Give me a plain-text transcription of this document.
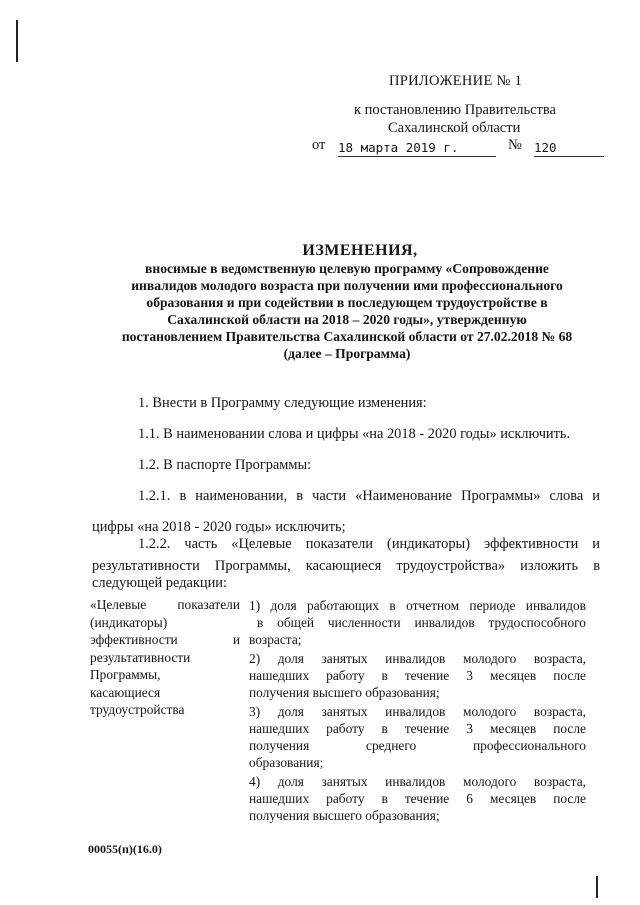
ПРИЛОЖЕНИЕ № 1
к постановлению Правительства
Сахалинской области
от 18 марта 2019 г.	№ 120
ИЗМЕНЕНИЯ,
вносимые в ведомственную целевую программу «Сопровождение
инвалидов молодого возраста при получении ими профессионального
образования и при содействии в последующем трудоустройстве в
Сахалинской области на 2018 – 2020 годы», утвержденную
постановлением Правительства Сахалинской области от 27.02.2018 № 68
(далее – Программа)
1. Внести в Программу следующие изменения:
1.1. В наименовании слова и цифры «на 2018 - 2020 годы» исключить.
1.2. В паспорте Программы:
1.2.1. в наименовании, в части «Наименование Программы» слова и
цифры «на 2018 - 2020 годы» исключить;
1.2.2. часть «Целевые показатели (индикаторы) эффективности и
результативности Программы, касающиеся трудоустройства» изложить в
следующей редакции:
«Целевые показатели
(индикаторы)
эффективности и
результативности
Программы,
касающиеся
трудоустройства
1) доля работающих в отчетном периоде инвалидов
в общей численности инвалидов трудоспособного
возраста;
2) доля занятых инвалидов молодого возраста,
нашедших работу в течение 3 месяцев после
получения высшего образования;
3) доля занятых инвалидов молодого возраста,
нашедших работу в течение 3 месяцев после
получения среднего профессионального
образования;
4) доля занятых инвалидов молодого возраста,
нашедших работу в течение 6 месяцев после
получения высшего образования;
00055(п)(16.0)
